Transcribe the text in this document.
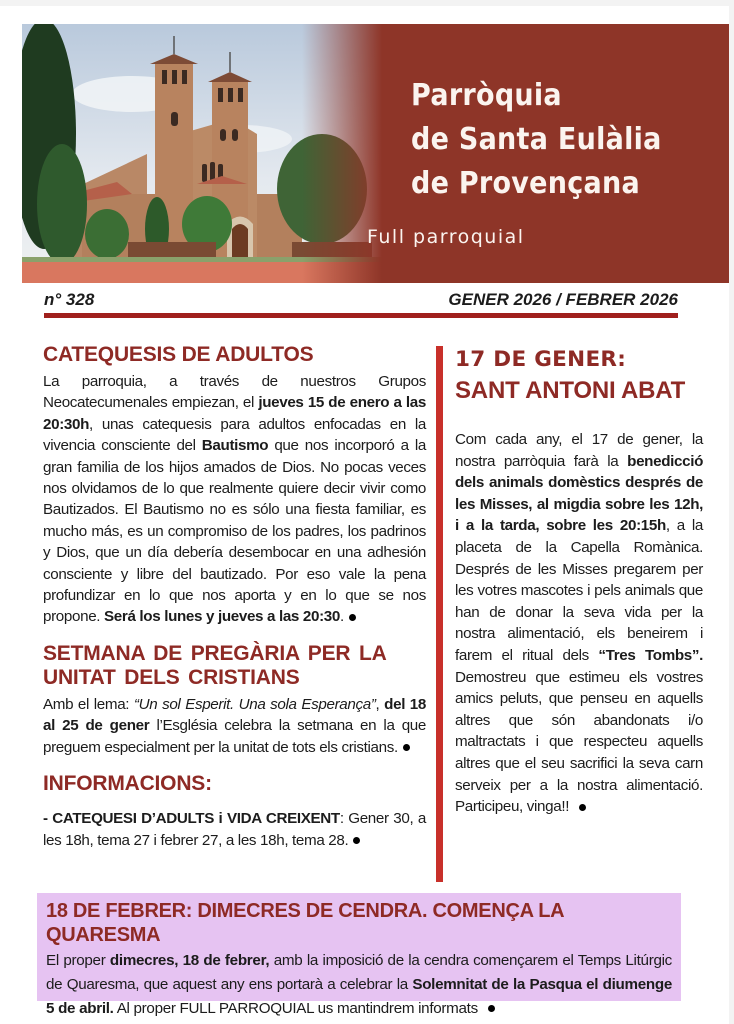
Parròquia
de Santa Eulàlia
de Provençana
Full parroquial
n° 328	GENER 2026 / FEBRER 2026
CATEQUESIS DE ADULTOS

La parroquia, a través de nuestros Grupos Neocatecumenales empiezan, el jueves 15 de enero a las 20:30h, unas catequesis para adultos enfocadas en la vivencia consciente del Bautismo que nos incorporó a la gran familia de los hijos amados de Dios. No pocas veces nos olvidamos de lo que realmente quiere decir vivir como Bautizados. El Bautismo no es sólo una fiesta familiar, es mucho más, es un compromiso de los padres, los padrinos y Dios, que un día debería desembocar en una adhesión consciente y libre del bautizado. Por eso vale la pena profundizar en lo que nos aporta y en lo que se nos propone. Será los lunes y jueves a las 20:30.

SETMANA DE PREGÀRIA PER LA UNITAT DELS CRISTIANS

Amb el lema: “Un sol Esperit. Una sola Esperança”, del 18 al 25 de gener l’Església celebra la setmana en la que preguem especialment per la unitat de tots els cristians.

INFORMACIONS:

- CATEQUESI D’ADULTS i VIDA CREIXENT: Gener 30, a les 18h, tema 27 i febrer 27, a les 18h, tema 28.

17 DE GENER:
SANT ANTONI ABAT

Com cada any, el 17 de gener, la nostra parròquia farà la benedicció dels animals domèstics després de les Misses, al migdia sobre les 12h, i a la tarda, sobre les 20:15h, a la placeta de la Capella Romànica. Després de les Misses pregarem per les votres mascotes i pels animals que han de donar la seva vida per la nostra alimentació, els beneirem i farem el ritual dels “Tres Tombs”. Demostreu que estimeu els vostres amics peluts, que penseu en aquells altres que són abandonats i/o maltractats i que respecteu aquells altres que el seu sacrifici la seva carn serveix per a la nostra alimentació. Participeu, vinga!!

18 DE FEBRER: DIMECRES DE CENDRA. COMENÇA LA QUARESMA

El proper dimecres, 18 de febrer, amb la imposició de la cendra començarem el Temps Litúrgic de Quaresma, que aquest any ens portarà a celebrar la Solemnitat de la Pasqua el diumenge 5 de abril. Al proper FULL PARROQUIAL us mantindrem informats
